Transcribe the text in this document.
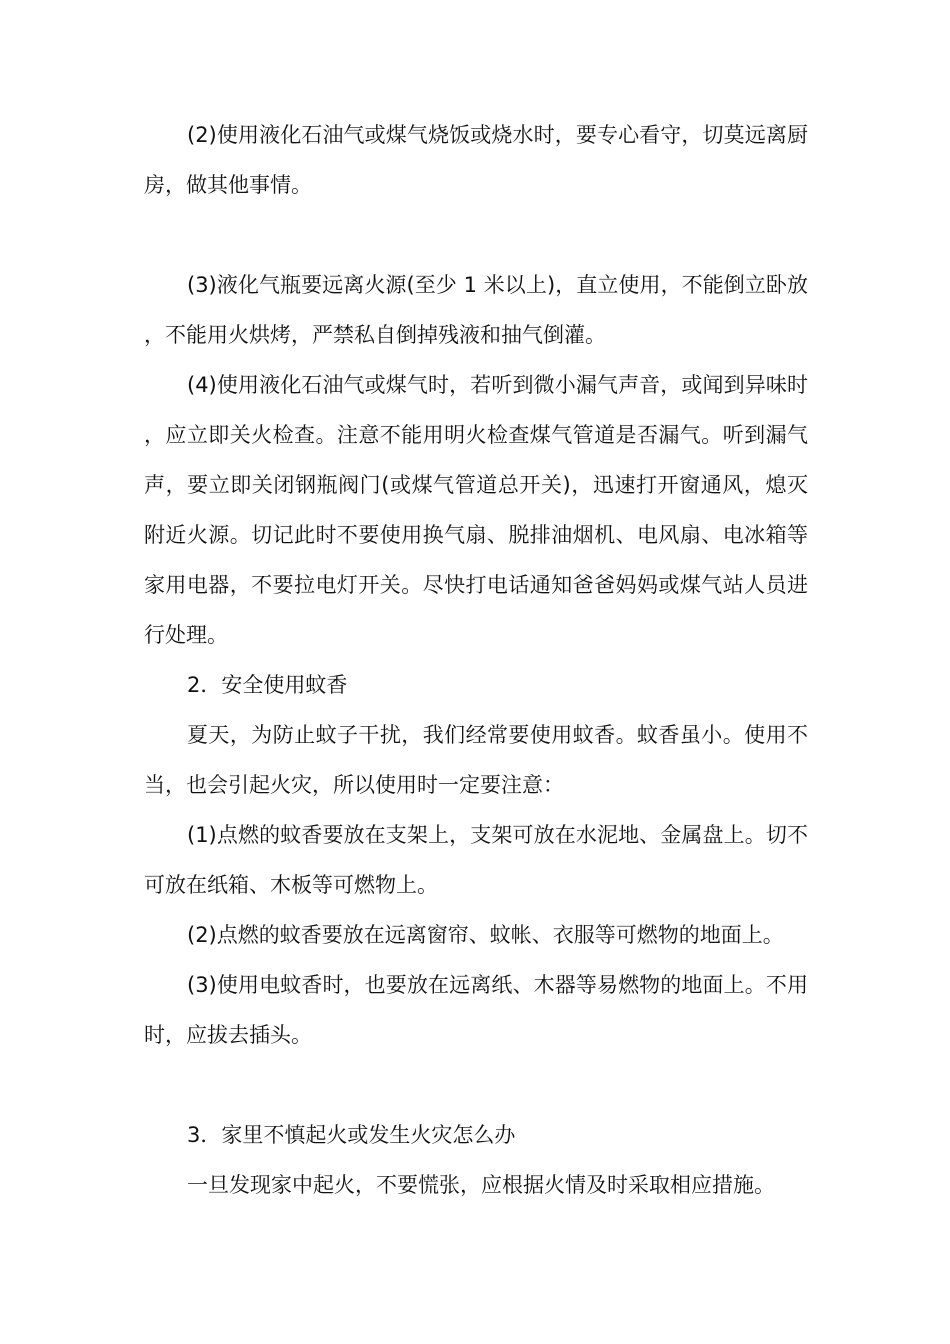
(2)使用液化石油气或煤气烧饭或烧水时，要专心看守，切莫远离厨房，做其他事情。

(3)液化气瓶要远离火源(至少 1 米以上)，直立使用，不能倒立卧放，不能用火烘烤，严禁私自倒掉残液和抽气倒灌。

(4)使用液化石油气或煤气时，若听到微小漏气声音，或闻到异味时，应立即关火检查。注意不能用明火检查煤气管道是否漏气。听到漏气声，要立即关闭钢瓶阀门(或煤气管道总开关)，迅速打开窗通风，熄灭附近火源。切记此时不要使用换气扇、脱排油烟机、电风扇、电冰箱等家用电器，不要拉电灯开关。尽快打电话通知爸爸妈妈或煤气站人员进行处理。

2．安全使用蚊香

夏天，为防止蚊子干扰，我们经常要使用蚊香。蚊香虽小。使用不当，也会引起火灾，所以使用时一定要注意：

(1)点燃的蚊香要放在支架上，支架可放在水泥地、金属盘上。切不可放在纸箱、木板等可燃物上。

(2)点燃的蚊香要放在远离窗帘、蚊帐、衣服等可燃物的地面上。

(3)使用电蚊香时，也要放在远离纸、木器等易燃物的地面上。不用时，应拔去插头。

3．家里不慎起火或发生火灾怎么办

一旦发现家中起火，不要慌张，应根据火情及时采取相应措施。
